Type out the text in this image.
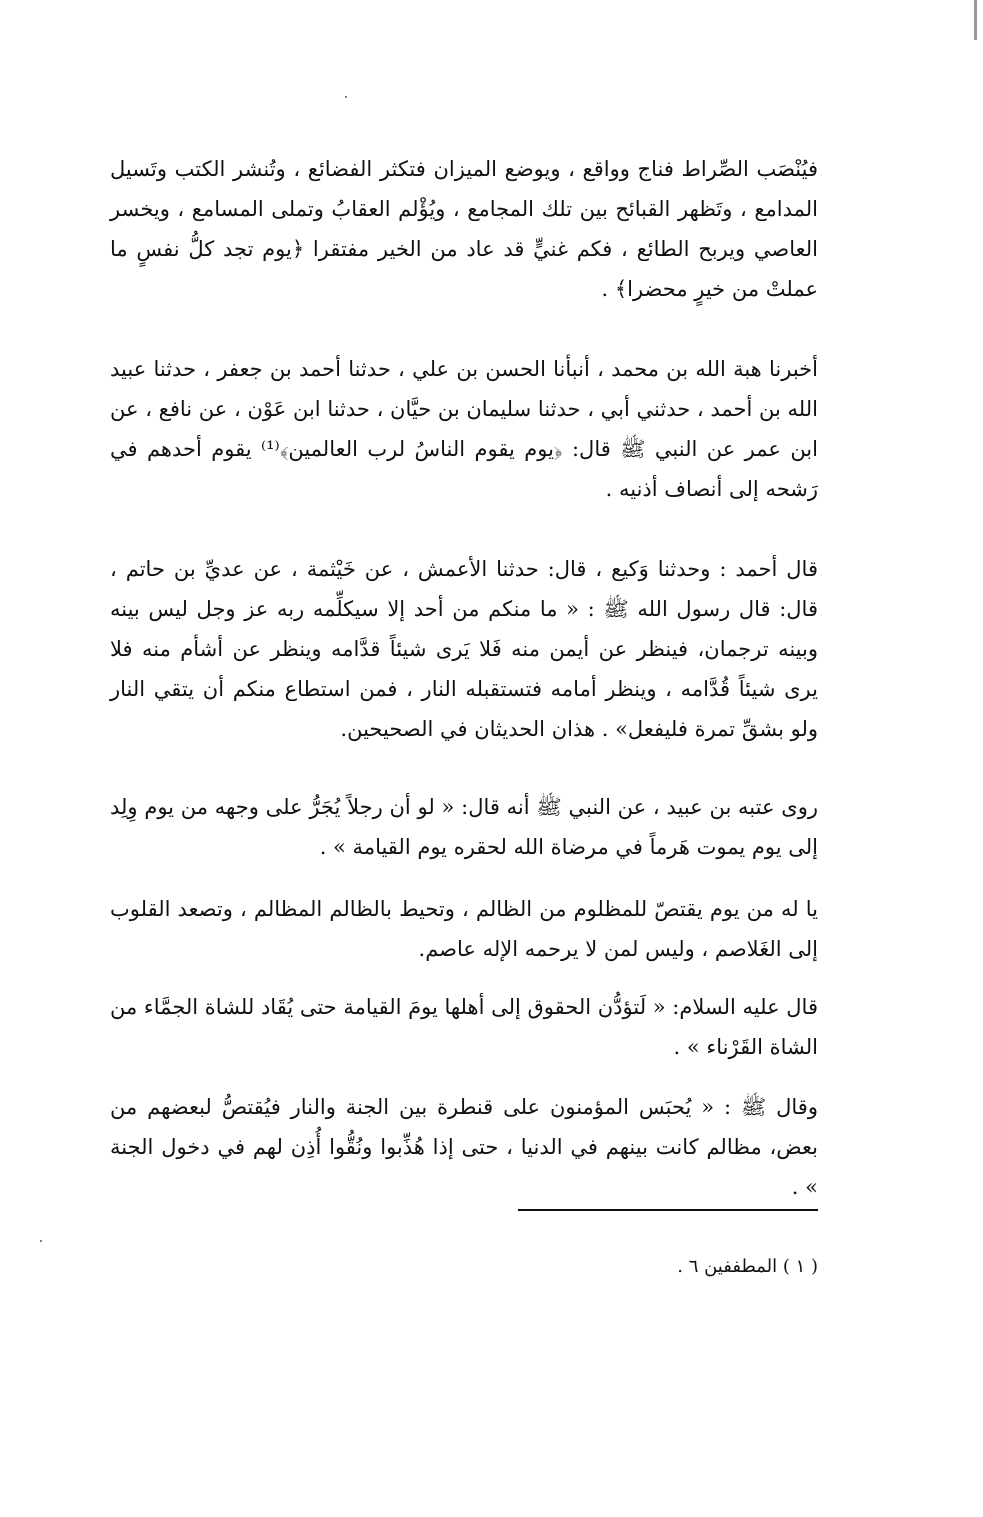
فيُنْصَب الصِّراط فناج وواقع ، ويوضع الميزان فتكثر الفضائع ، وتُنشر الكتب وتَسيل المدامع ، وتَظهر القبائح بين تلك المجامع ، ويُؤْلم العقابُ وتملى المسامع ، ويخسر العاصي ويربح الطائع ، فكم غنيٍّ قد عاد من الخير مفتقرا ﴿يوم تجد كلُّ نفسٍ ما عملتْ من خيرٍ محضرا﴾ .

أخبرنا هبة الله بن محمد ، أنبأنا الحسن بن علي ، حدثنا أحمد بن جعفر ، حدثنا عبيد الله بن أحمد ، حدثني أبي ، حدثنا سليمان بن حيَّان ، حدثنا ابن عَوْن ، عن نافع ، عن ابن عمر عن النبي ﷺ قال: ﴿يوم يقوم الناسُ لرب العالمين﴾⁽¹⁾ يقوم أحدهم في رَشحه إلى أنصاف أذنيه .

قال أحمد : وحدثنا وَكيع ، قال: حدثنا الأعمش ، عن خَيْثمة ، عن عديِّ بن حاتم ، قال: قال رسول الله ﷺ : « ما منكم من أحد إلا سيكلِّمه ربه عز وجل ليس بينه وبينه ترجمان، فينظر عن أيمن منه فَلا يَرى شيئاً قدَّامه وينظر عن أشأم منه فلا يرى شيئاً قُدَّامه ، وينظر أمامه فتستقبله النار ، فمن استطاع منكم أن يتقي النار ولو بشقِّ تمرة فليفعل» . هذان الحديثان في الصحيحين.

روى عتبه بن عبيد ، عن النبي ﷺ أنه قال: « لو أن رجلاً يُجَرُّ على وجهه من يوم وِلِد إلى يوم يموت هَرماً في مرضاة الله لحقره يوم القيامة » .

يا له من يوم يقتصّ للمظلوم من الظالم ، وتحيط بالظالم المظالم ، وتصعد القلوب إلى الغَلاصم ، وليس لمن لا يرحمه الإله عاصم.

قال عليه السلام: « لَتؤدُّن الحقوق إلى أهلها يومَ القيامة حتى يُقَاد للشاة الجمَّاء من الشاة القَرْناء » .

وقال ﷺ : « يُحبَس المؤمنون على قنطرة بين الجنة والنار فيُقتصُّ لبعضهم من بعض، مظالم كانت بينهم في الدنيا ، حتى إذا هُذِّبوا ونُقُّوا أُذِن لهم في دخول الجنة » .

( ١ ) المطففين ٦ .
